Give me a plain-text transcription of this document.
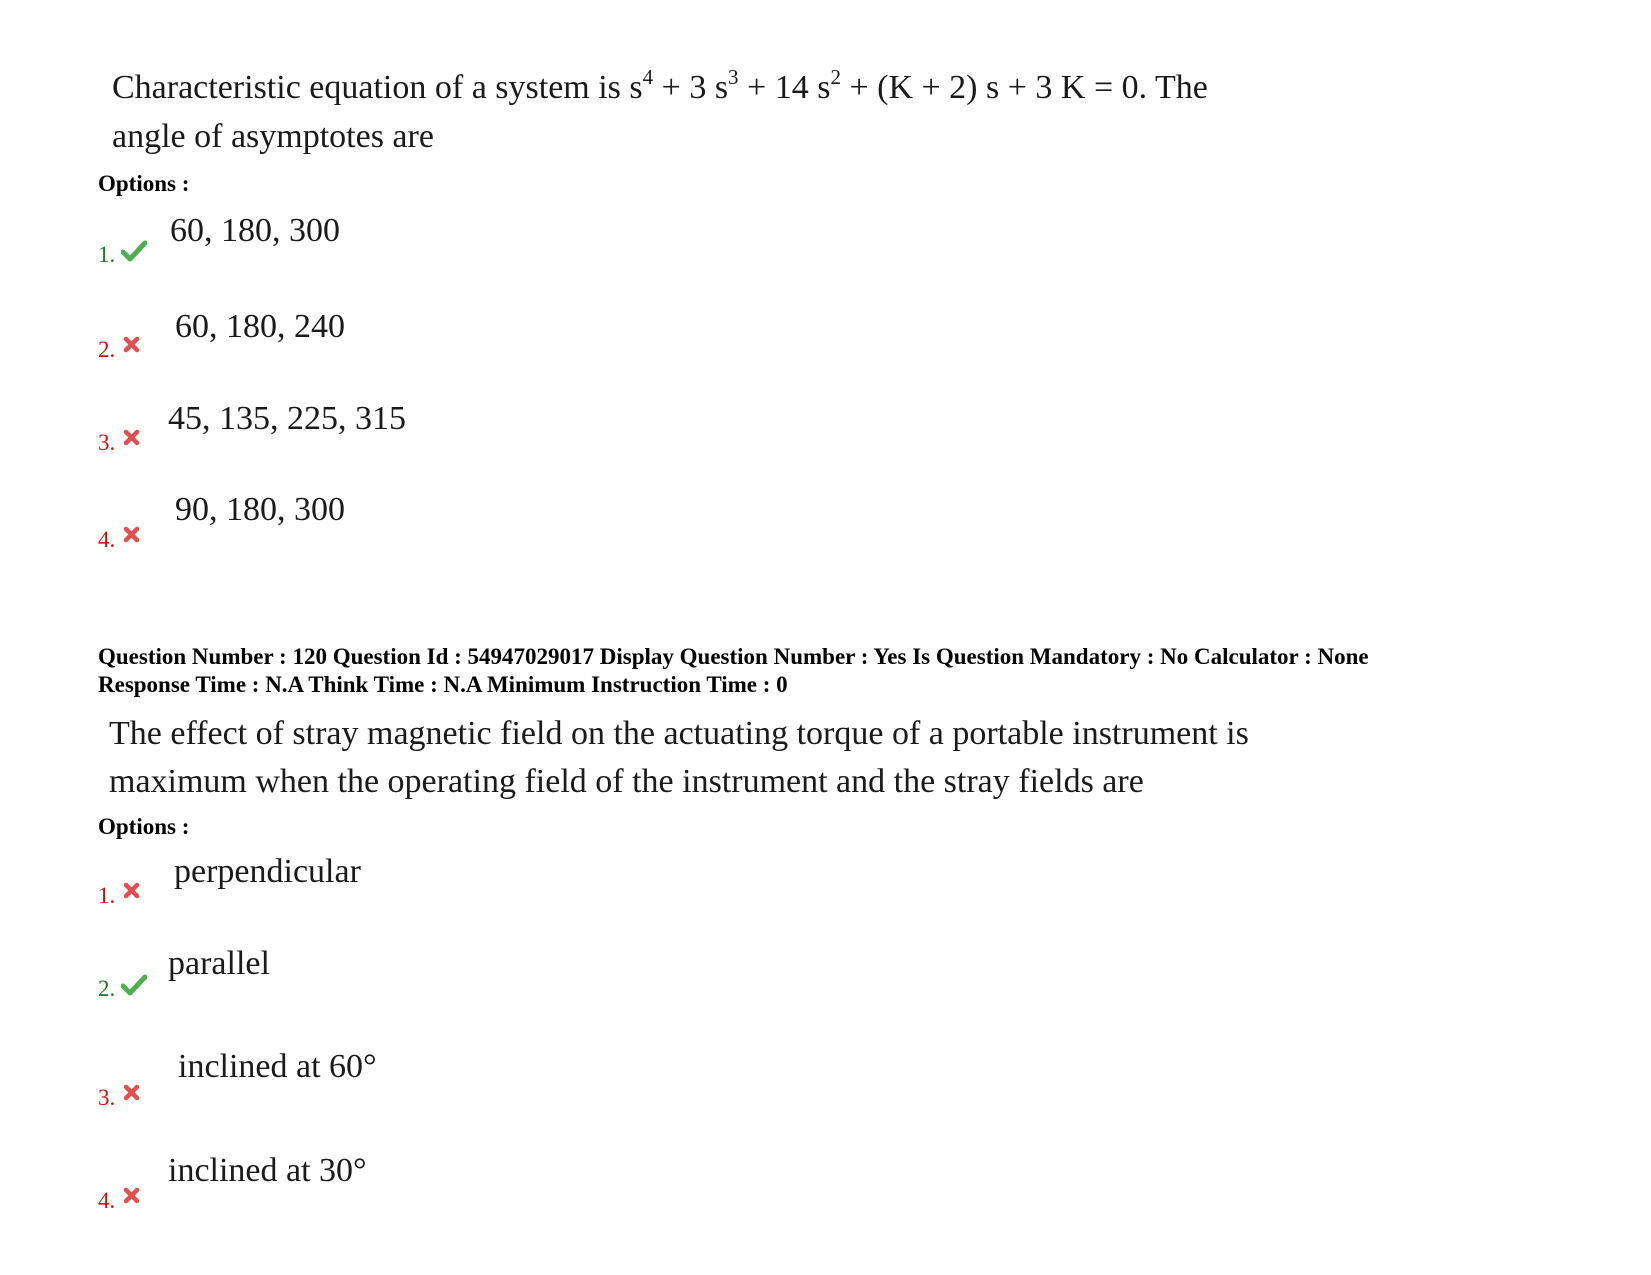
Characteristic equation of a system is $s^4 + 3$ $s^3 + 14$ $s^2 + (K + 2) s + 3$ K = 0. The
angle of asymptotes are
Options :
1.
60, 180, 300
2.
60, 180, 240
3.
45, 135, 225, 315
4.
90, 180, 300
Question Number : 120 Question Id : 54947029017 Display Question Number : Yes Is Question Mandatory : No Calculator : None
Response Time : N.A Think Time : N.A Minimum Instruction Time : 0
The effect of stray magnetic field on the actuating torque of a portable instrument is
maximum when the operating field of the instrument and the stray fields are
Options :
1.
perpendicular
2.
parallel
3.
inclined at 60°
4.
inclined at 30°
